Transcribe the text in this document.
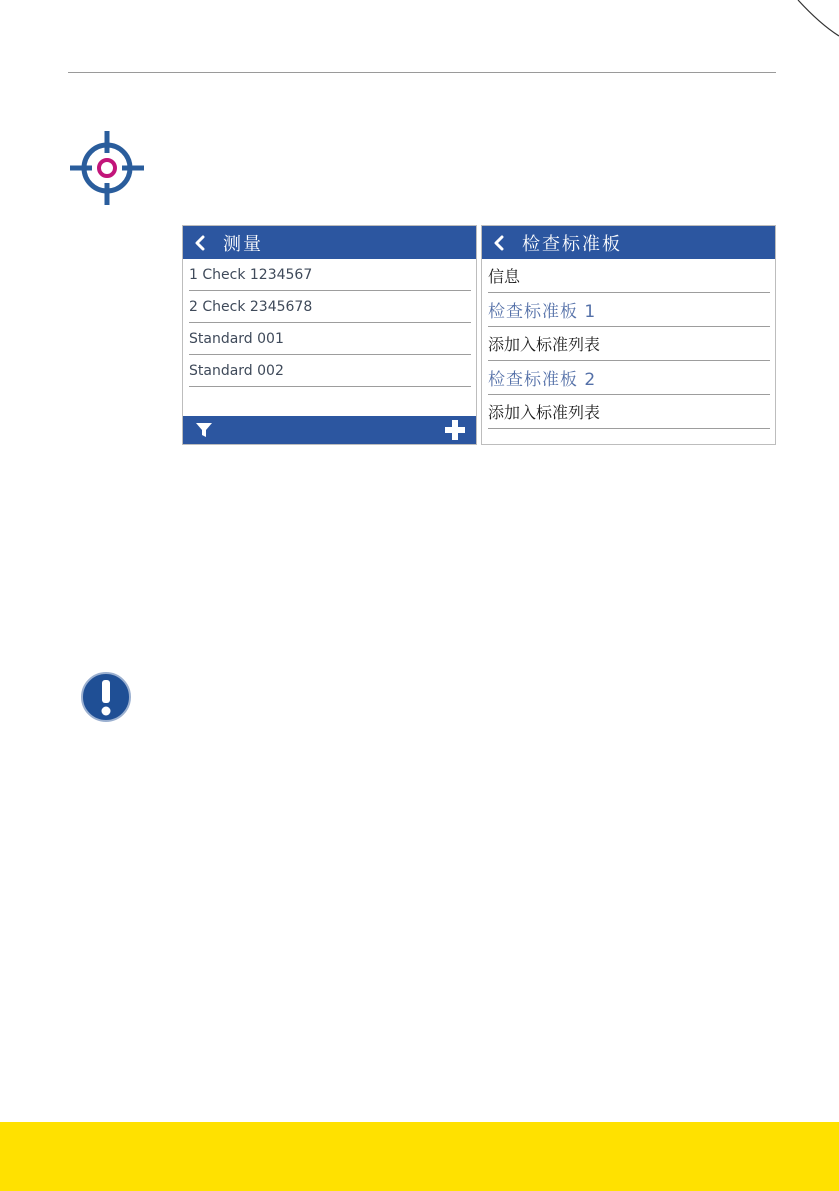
测量
1 Check 1234567
2 Check 2345678
Standard 001
Standard 002
检查标准板
信息
检查标准板 1
添加入标准列表
检查标准板 2
添加入标准列表
